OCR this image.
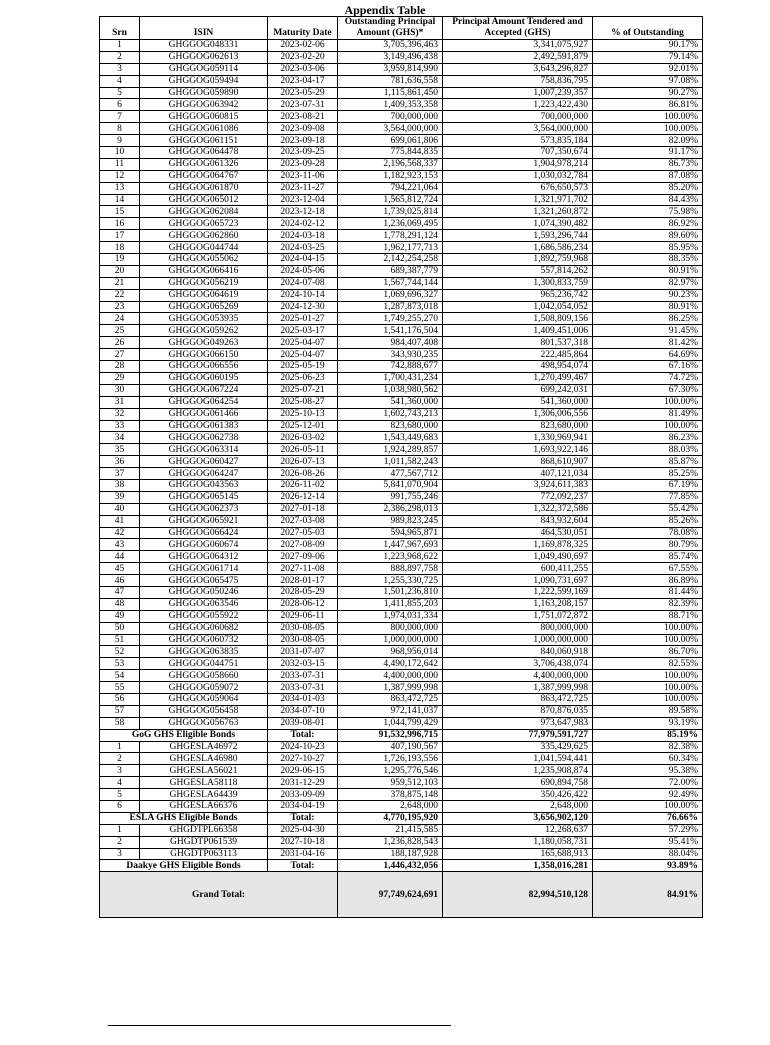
Appendix Table
Srn	ISIN	Maturity Date	Outstanding Principal Amount (GHS)*	Principal Amount Tendered and Accepted (GHS)	% of Outstanding
1	GHGGOG048331	2023-02-06	3,705,396,463	3,341,075,927	90.17%
2	GHGGOG062613	2023-02-20	3,149,496,438	2,492,591,879	79.14%
3	GHGGOG059114	2023-03-06	3,959,814,990	3,643,296,827	92.01%
4	GHGGOG059494	2023-04-17	781,636,558	758,836,795	97.08%
5	GHGGOG059890	2023-05-29	1,115,861,450	1,007,239,357	90.27%
6	GHGGOG063942	2023-07-31	1,409,353,358	1,223,422,430	86.81%
7	GHGGOG060815	2023-08-21	700,000,000	700,000,000	100.00%
8	GHGGOG061086	2023-09-08	3,564,000,000	3,564,000,000	100.00%
9	GHGGOG061151	2023-09-18	699,061,806	573,835,184	82.09%
10	GHGGOG064478	2023-09-25	775,844,835	707,350,674	91.17%
11	GHGGOG061326	2023-09-28	2,196,568,337	1,904,978,214	86.73%
12	GHGGOG064767	2023-11-06	1,182,923,153	1,030,032,784	87.08%
13	GHGGOG061870	2023-11-27	794,221,064	676,650,573	85.20%
14	GHGGOG065012	2023-12-04	1,565,812,724	1,321,971,702	84.43%
15	GHGGOG062084	2023-12-18	1,739,025,814	1,321,260,872	75.98%
16	GHGGOG065723	2024-02-12	1,236,069,495	1,074,390,482	86.92%
17	GHGGOG062860	2024-03-18	1,778,291,124	1,593,296,744	89.60%
18	GHGGOG044744	2024-03-25	1,962,177,713	1,686,586,234	85.95%
19	GHGGOG055062	2024-04-15	2,142,254,258	1,892,759,968	88.35%
20	GHGGOG066416	2024-05-06	689,387,779	557,814,262	80.91%
21	GHGGOG056219	2024-07-08	1,567,744,144	1,300,833,759	82.97%
22	GHGGOG064619	2024-10-14	1,069,696,327	965,236,742	90.23%
23	GHGGOG065269	2024-12-30	1,287,873,018	1,042,054,052	80.91%
24	GHGGOG053935	2025-01-27	1,749,255,270	1,508,809,156	86.25%
25	GHGGOG059262	2025-03-17	1,541,176,504	1,409,451,006	91.45%
26	GHGGOG049263	2025-04-07	984,407,408	801,537,318	81.42%
27	GHGGOG066150	2025-04-07	343,930,235	222,485,864	64.69%
28	GHGGOG066556	2025-05-19	742,888,677	498,954,074	67.16%
29	GHGGOG060195	2025-06-23	1,700,431,234	1,270,499,467	74.72%
30	GHGGOG067224	2025-07-21	1,038,980,562	699,242,031	67.30%
31	GHGGOG064254	2025-08-27	541,360,000	541,360,000	100.00%
32	GHGGOG061466	2025-10-13	1,602,743,213	1,306,006,556	81.49%
33	GHGGOG061383	2025-12-01	823,680,000	823,680,000	100.00%
34	GHGGOG062738	2026-03-02	1,543,449,683	1,330,969,941	86.23%
35	GHGGOG063314	2026-05-11	1,924,289,857	1,693,922,146	88.03%
36	GHGGOG060427	2026-07-13	1,011,582,243	868,610,907	85.87%
37	GHGGOG064247	2026-08-26	477,567,712	407,121,034	85.25%
38	GHGGOG043563	2026-11-02	5,841,070,904	3,924,611,383	67.19%
39	GHGGOG065145	2026-12-14	991,755,246	772,092,237	77.85%
40	GHGGOG062373	2027-01-18	2,386,298,013	1,322,372,586	55.42%
41	GHGGOG065921	2027-03-08	989,823,245	843,932,604	85.26%
42	GHGGOG066424	2027-05-03	594,965,871	464,530,051	78.08%
43	GHGGOG060674	2027-08-09	1,447,967,693	1,169,878,325	80.79%
44	GHGGOG064312	2027-09-06	1,223,968,622	1,049,490,697	85.74%
45	GHGGOG061714	2027-11-08	888,897,758	600,411,255	67.55%
46	GHGGOG065475	2028-01-17	1,255,330,725	1,090,731,697	86.89%
47	GHGGOG050246	2028-05-29	1,501,236,810	1,222,599,169	81.44%
48	GHGGOG063546	2028-06-12	1,411,855,203	1,163,208,157	82.39%
49	GHGGOG055922	2029-06-11	1,974,031,334	1,751,072,872	88.71%
50	GHGGOG060682	2030-08-05	800,000,000	800,000,000	100.00%
51	GHGGOG060732	2030-08-05	1,000,000,000	1,000,000,000	100.00%
52	GHGGOG063835	2031-07-07	968,956,014	840,060,918	86.70%
53	GHGGOG044751	2032-03-15	4,490,172,642	3,706,438,074	82.55%
54	GHGGOG058660	2033-07-31	4,400,000,000	4,400,000,000	100.00%
55	GHGGOG059072	2033-07-31	1,387,999,998	1,387,999,998	100.00%
56	GHGGOG059064	2034-01-03	863,472,725	863,472,725	100.00%
57	GHGGOG056458	2034-07-10	972,141,037	870,876,035	89.58%
58	GHGGOG056763	2039-08-01	1,044,799,429	973,647,983	93.19%
GoG GHS Eligible Bonds		Total:	91,532,996,715	77,979,591,727	85.19%
1	GHGESLA46972	2024-10-23	407,190,567	335,429,625	82.38%
2	GHGESLA46980	2027-10-27	1,726,193,556	1,041,594,441	60.34%
3	GHGESLA56021	2029-06-15	1,295,776,546	1,235,908,874	95.38%
4	GHGESLA58118	2031-12-29	959,512,103	690,894,758	72.00%
5	GHGESLA64439	2033-09-09	378,875,148	350,426,422	92.49%
6	GHGESLA66376	2034-04-19	2,648,000	2,648,000	100.00%
ESLA GHS Eligible Bonds		Total:	4,770,195,920	3,656,902,120	76.66%
1	GHGDTPL66358	2025-04-30	21,415,585	12,268,637	57.29%
2	GHGDTP061539	2027-10-18	1,236,828,543	1,180,058,731	95.41%
3	GHGDTP063113	2031-04-16	188,187,928	165,688,913	88.04%
Daakye GHS Eligible Bonds		Total:	1,446,432,056	1,358,016,281	93.89%
Grand Total:			97,749,624,691	82,994,510,128	84.91%
